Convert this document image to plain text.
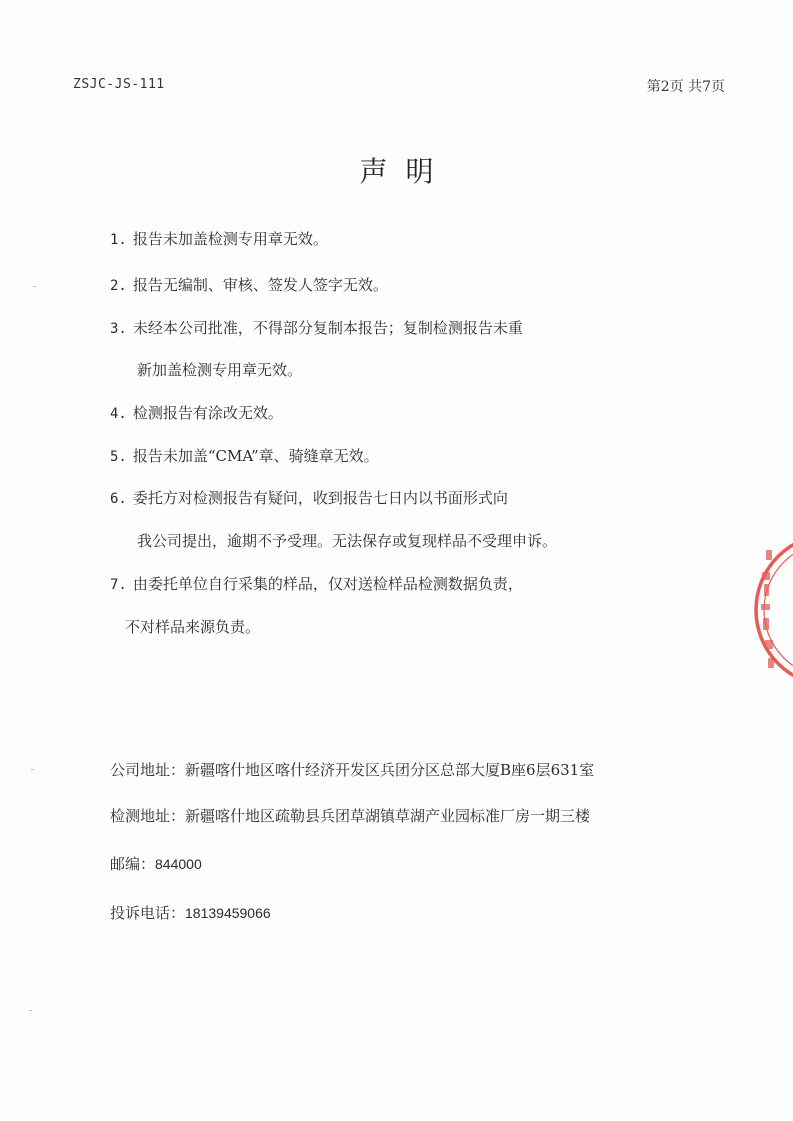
ZSJC-JS-111	第2页 共7页
声明
1. 报告未加盖检测专用章无效。
2. 报告无编制、审核、签发人签字无效。
3. 未经本公司批准，不得部分复制本报告；复制检测报告未重
新加盖检测专用章无效。
4. 检测报告有涂改无效。
5. 报告未加盖“CMA”章、骑缝章无效。
6. 委托方对检测报告有疑问，收到报告七日内以书面形式向
我公司提出，逾期不予受理。无法保存或复现样品不受理申诉。
7. 由委托单位自行采集的样品，仅对送检样品检测数据负责，
不对样品来源负责。
公司地址：新疆喀什地区喀什经济开发区兵团分区总部大厦B座6层631室
检测地址：新疆喀什地区疏勒县兵团草湖镇草湖产业园标准厂房一期三楼
邮编：844000
投诉电话：18139459066
